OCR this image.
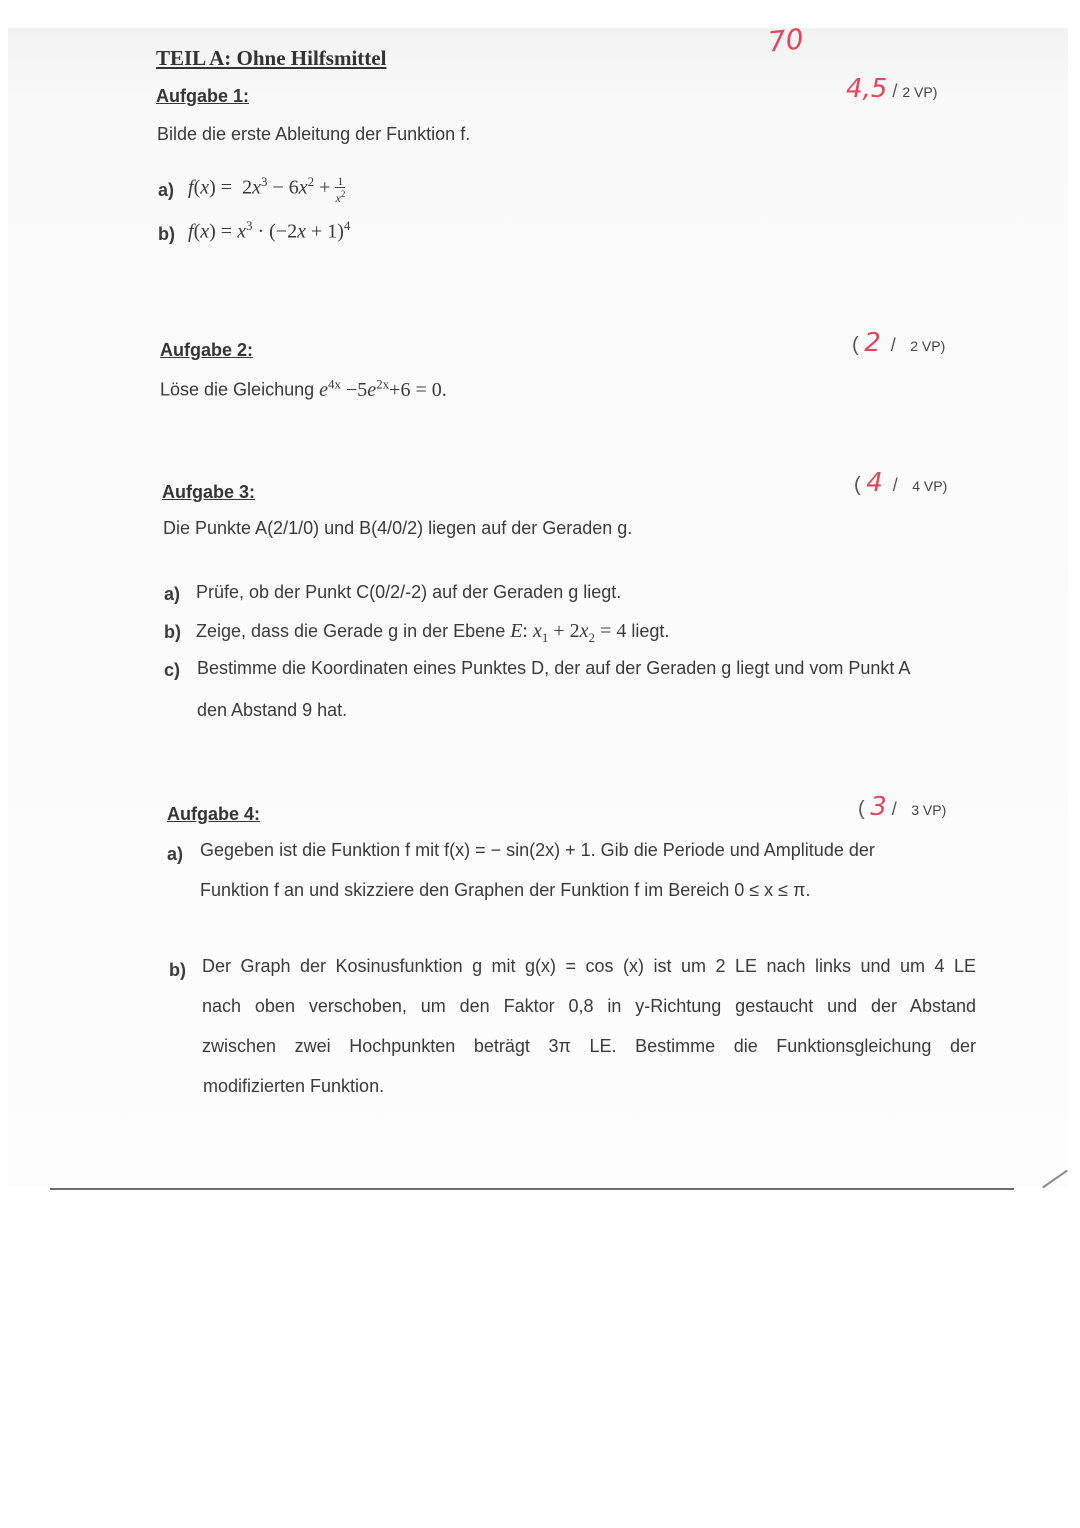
70
TEIL A: Ohne Hilfsmittel
Aufgabe 1:	4,5 / 2 VP)
Bilde die erste Ableitung der Funktion f.
a) $f(x) = 2x^3 - 6x^2 + \frac{1}{x^2}$
b) $f(x) = x^3 \cdot (-2x + 1)^4$
Aufgabe 2:	( 2  /   2 VP)
Löse die Gleichung $e^{4x} -5e^{2x}+6 = 0$.
Aufgabe 3:	( 4  /   4 VP)
Die Punkte A(2/1/0) und B(4/0/2) liegen auf der Geraden g.
a) Prüfe, ob der Punkt C(0/2/-2) auf der Geraden g liegt.
b) Zeige, dass die Gerade g in der Ebene E: $x_1 + 2x_2 = 4$ liegt.
c) Bestimme die Koordinaten eines Punktes D, der auf der Geraden g liegt und vom Punkt A
den Abstand 9 hat.
Aufgabe 4:	( 3 /   3 VP)
a) Gegeben ist die Funktion f mit f(x) = − sin(2x) + 1. Gib die Periode und Amplitude der
Funktion f an und skizziere den Graphen der Funktion f im Bereich 0 ≤ x ≤ π.
b) Der Graph der Kosinusfunktion g mit g(x) = cos (x) ist um 2 LE nach links und um 4 LE
nach oben verschoben, um den Faktor 0,8 in y-Richtung gestaucht und der Abstand
zwischen zwei Hochpunkten beträgt 3π LE. Bestimme die Funktionsgleichung der
modifizierten Funktion.
